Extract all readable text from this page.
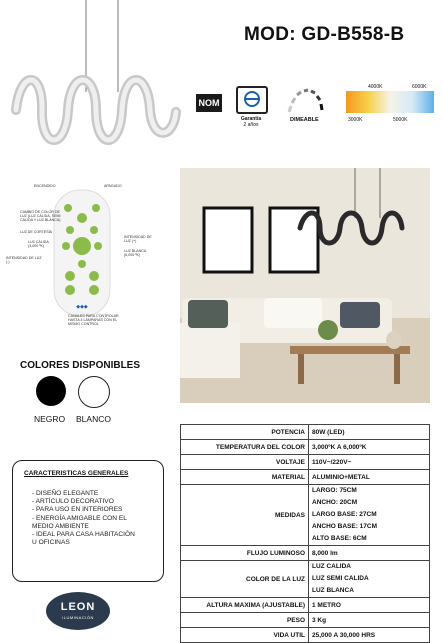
MOD: GD-B558-B
NOM
Garantía
2 años
DIMEABLE
4000K	6000K
3000K	5000K
◆◆◆
ENCENDIDO	APAGADO
CAMBIO DE COLOR DE LUZ (LUZ CÁLIDA, SEMI CÁLIDA Y LUZ BLANCA)
LUZ DE CORTESÍA
INTENSIDAD DE LUZ (+)
LUZ CÁLIDA (3,000 ºK)
LUZ BLANCA (6,000 ºK)
INTENSIDAD DE LUZ (-)
CANALES PARA CONTROLAR HASTA 4 LÁMPARAS CON EL MISMO CONTROL
COLORES DISPONIBLES
NEGRO BLANCO
CARACTERISTICAS GENERALES
- DISEÑO ELEGANTE
- ARTÍCULO DECORATIVO
- PARA USO EN INTERIORES
- ENERGÍA AMIGABLE CON EL MEDIO AMBIENTE
- IDEAL PARA CASA HABITACIÓN U OFICINAS
LEON
ILUMINACIÓN
POTENCIA	80W (LED)

TEMPERATURA DEL COLOR	3,000ºK A 6,000ºK

VOLTAJE	110V~/220V~

MATERIAL	ALUMINIO+METAL

MEDIDAS	LARGO: 75CM
ANCHO: 20CM
LARGO BASE: 27CM
ANCHO BASE: 17CM
ALTO BASE: 6CM

FLUJO LUMINOSO	8,000 lm

COLOR DE LA LUZ	LUZ CALIDA
LUZ SEMI CALIDA
LUZ BLANCA

ALTURA MAXIMA (AJUSTABLE)	1 METRO

PESO	3 Kg

VIDA UTIL	25,000 A 30,000 HRS
